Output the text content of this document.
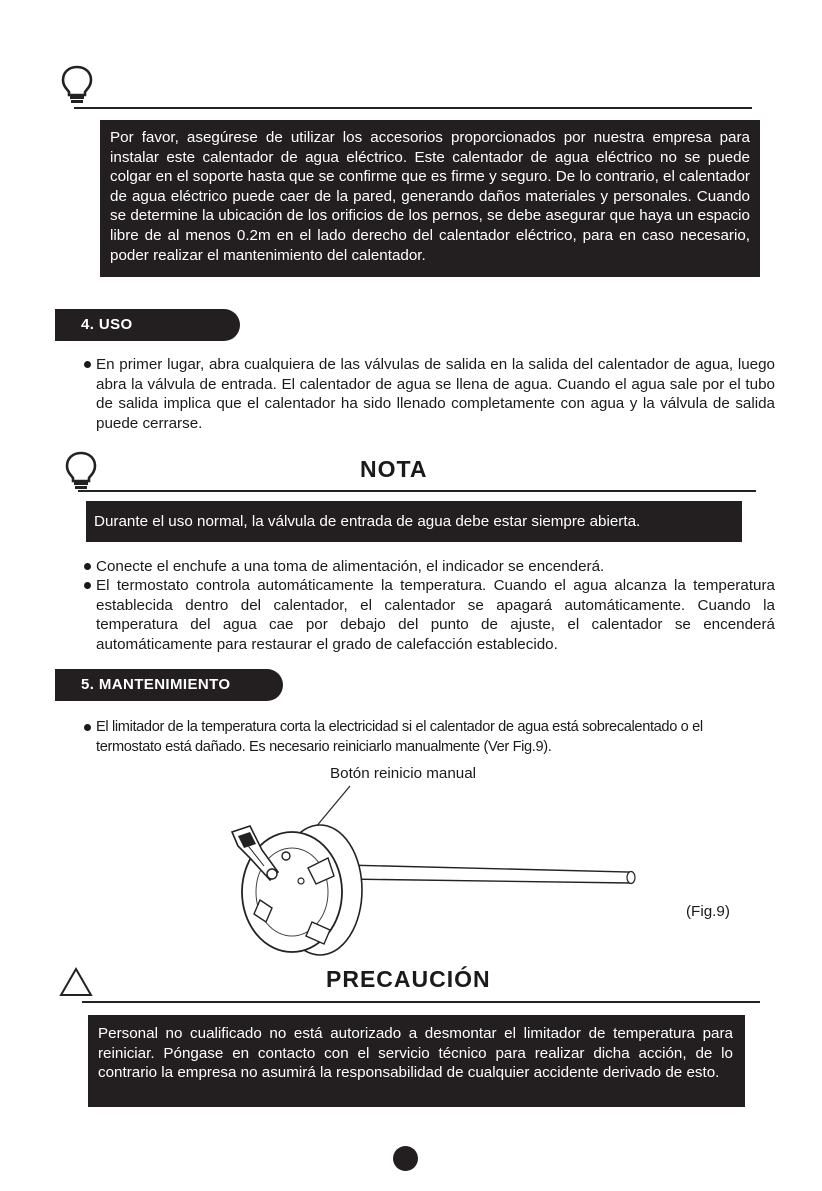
Por favor, asegúrese de utilizar los accesorios proporcionados por nuestra empresa para instalar este calentador de agua eléctrico. Este calentador de agua eléctrico no se puede colgar en el soporte hasta que se confirme que es firme y seguro. De lo contrario, el calentador de agua eléctrico puede caer de la pared, generando daños materiales y personales. Cuando se determine la ubicación de los orificios de los pernos, se debe asegurar que haya un espacio libre de al menos 0.2m en el lado derecho del calentador eléctrico, para en caso necesario, poder realizar el mantenimiento del calentador.
4. USO
En primer lugar, abra cualquiera de las válvulas de salida en la salida del calentador de agua, luego abra la válvula de entrada. El calentador de agua se llena de agua. Cuando el agua sale por el tubo de salida implica que el calentador ha sido llenado completamente con agua y la válvula de salida puede cerrarse.
NOTA
Durante el uso normal, la válvula de entrada de agua debe estar siempre abierta.
Conecte el enchufe a una toma de alimentación, el indicador se encenderá.
El termostato controla automáticamente la temperatura. Cuando el agua alcanza la temperatura establecida dentro del calentador, el calentador se apagará automáticamente. Cuando la temperatura del agua cae por debajo del punto de ajuste, el calentador se encenderá automáticamente para restaurar el grado de calefacción establecido.
5. MANTENIMIENTO
El limitador de la temperatura corta la electricidad si el calentador de agua está sobrecalentado o el termostato está dañado. Es necesario reiniciarlo manualmente (Ver Fig.9).
Botón reinicio manual
(Fig.9)
PRECAUCIÓN
Personal no cualificado no está autorizado a desmontar el limitador de temperatura para reiniciar. Póngase en contacto con el servicio técnico para realizar dicha acción, de lo contrario la empresa no asumirá la responsabilidad de cualquier accidente derivado de esto.
